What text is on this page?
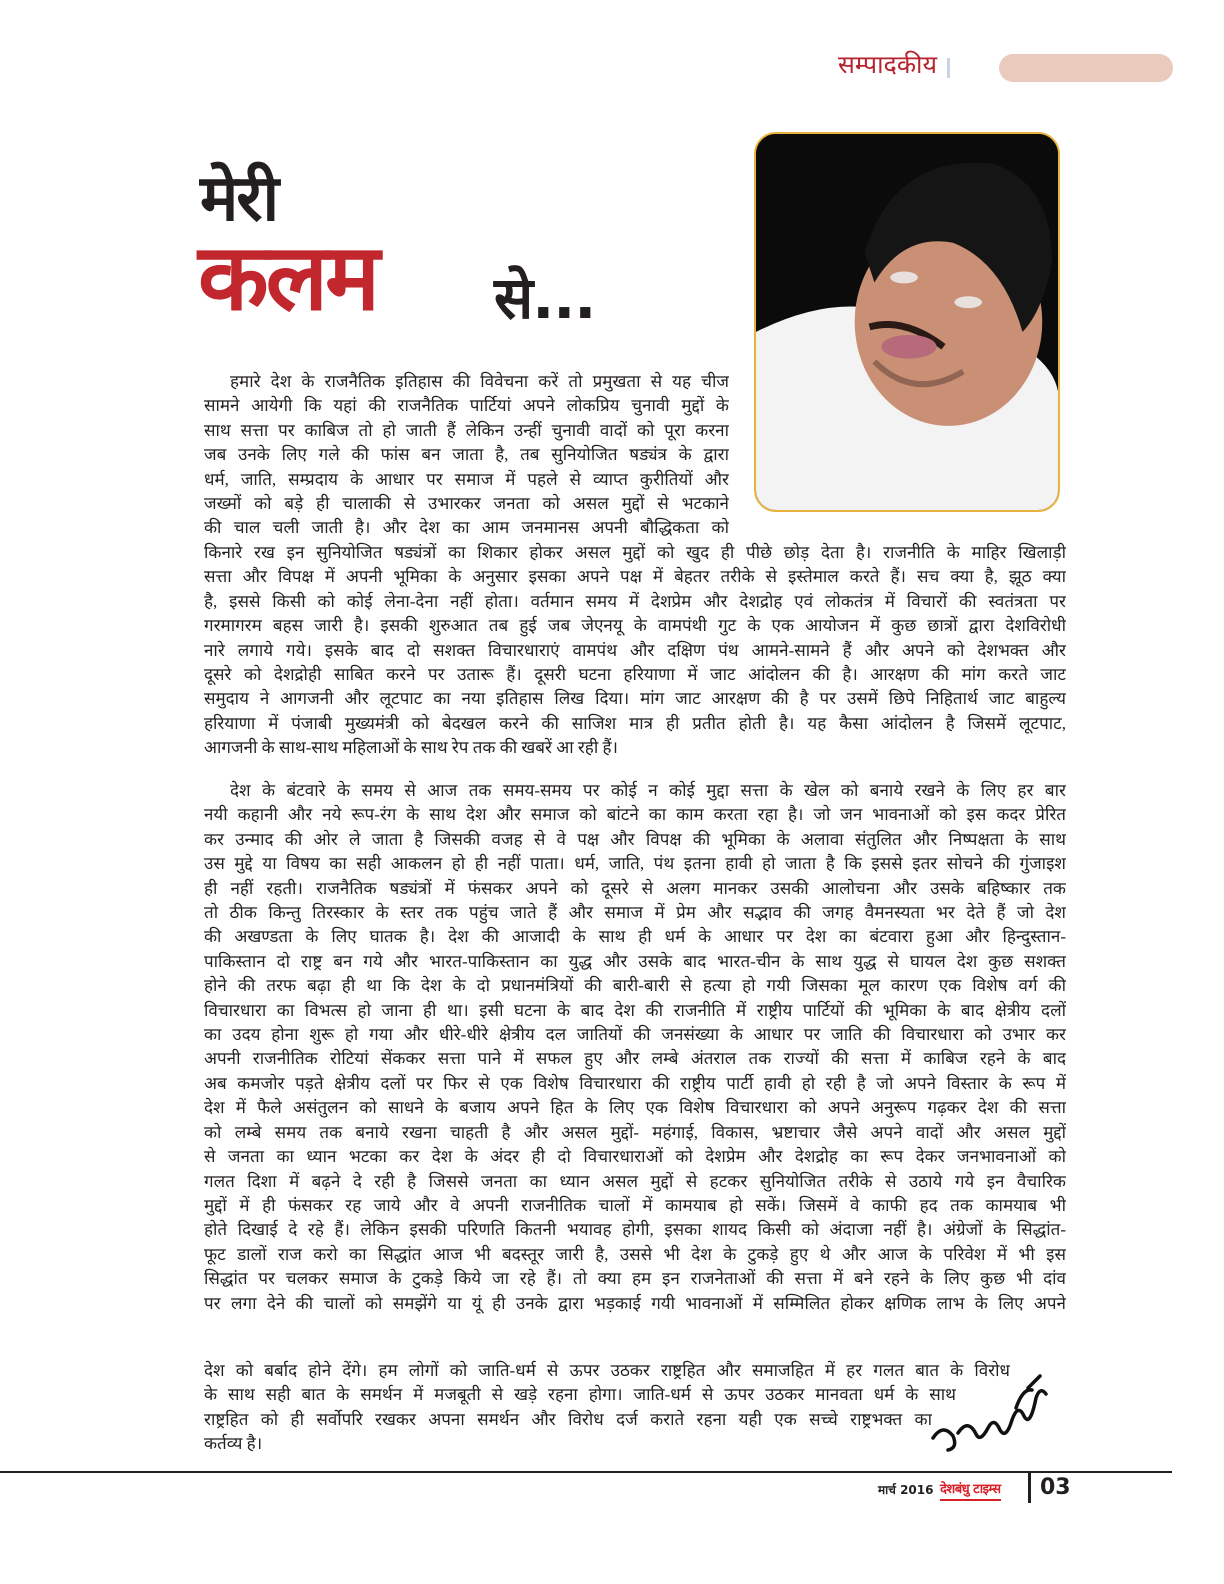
सम्पादकीय
मेरी
कलम से...
हमारे देश के राजनैतिक इतिहास की विवेचना करें तो प्रमुखता से यह चीज
सामने आयेगी कि यहां की राजनैतिक पार्टियां अपने लोकप्रिय चुनावी मुद्दों के
साथ सत्ता पर काबिज तो हो जाती हैं लेकिन उन्हीं चुनावी वादों को पूरा करना
जब उनके लिए गले की फांस बन जाता है, तब सुनियोजित षड्यंत्र के द्वारा
धर्म, जाति, सम्प्रदाय के आधार पर समाज में पहले से व्याप्त कुरीतियों और
जख्मों को बड़े ही चालाकी से उभारकर जनता को असल मुद्दों से भटकाने
की चाल चली जाती है। और देश का आम जनमानस अपनी बौद्धिकता को
किनारे रख इन सुनियोजित षड्यंत्रों का शिकार होकर असल मुद्दों को खुद ही पीछे छोड़ देता है। राजनीति के माहिर खिलाड़ी
सत्ता और विपक्ष में अपनी भूमिका के अनुसार इसका अपने पक्ष में बेहतर तरीके से इस्तेमाल करते हैं। सच क्या है, झूठ क्या
है, इससे किसी को कोई लेना-देना नहीं होता। वर्तमान समय में देशप्रेम और देशद्रोह एवं लोकतंत्र में विचारों की स्वतंत्रता पर
गरमागरम बहस जारी है। इसकी शुरुआत तब हुई जब जेएनयू के वामपंथी गुट के एक आयोजन में कुछ छात्रों द्वारा देशविरोधी
नारे लगाये गये। इसके बाद दो सशक्त विचारधाराएं वामपंथ और दक्षिण पंथ आमने-सामने हैं और अपने को देशभक्त और
दूसरे को देशद्रोही साबित करने पर उतारू हैं। दूसरी घटना हरियाणा में जाट आंदोलन की है। आरक्षण की मांग करते जाट
समुदाय ने आगजनी और लूटपाट का नया इतिहास लिख दिया। मांग जाट आरक्षण की है पर उसमें छिपे निहितार्थ जाट बाहुल्य
हरियाणा में पंजाबी मुख्यमंत्री को बेदखल करने की साजिश मात्र ही प्रतीत होती है। यह कैसा आंदोलन है जिसमें लूटपाट,
आगजनी के साथ-साथ महिलाओं के साथ रेप तक की खबरें आ रही हैं।
देश के बंटवारे के समय से आज तक समय-समय पर कोई न कोई मुद्दा सत्ता के खेल को बनाये रखने के लिए हर बार
नयी कहानी और नये रूप-रंग के साथ देश और समाज को बांटने का काम करता रहा है। जो जन भावनाओं को इस कदर प्रेरित
कर उन्माद की ओर ले जाता है जिसकी वजह से वे पक्ष और विपक्ष की भूमिका के अलावा संतुलित और निष्पक्षता के साथ
उस मुद्दे या विषय का सही आकलन हो ही नहीं पाता। धर्म, जाति, पंथ इतना हावी हो जाता है कि इससे इतर सोचने की गुंजाइश
ही नहीं रहती। राजनैतिक षड्यंत्रों में फंसकर अपने को दूसरे से अलग मानकर उसकी आलोचना और उसके बहिष्कार तक
तो ठीक किन्तु तिरस्कार के स्तर तक पहुंच जाते हैं और समाज में प्रेम और सद्भाव की जगह वैमनस्यता भर देते हैं जो देश
की अखण्डता के लिए घातक है। देश की आजादी के साथ ही धर्म के आधार पर देश का बंटवारा हुआ और हिन्दुस्तान-
पाकिस्तान दो राष्ट्र बन गये और भारत-पाकिस्तान का युद्ध और उसके बाद भारत-चीन के साथ युद्ध से घायल देश कुछ सशक्त
होने की तरफ बढ़ा ही था कि देश के दो प्रधानमंत्रियों की बारी-बारी से हत्या हो गयी जिसका मूल कारण एक विशेष वर्ग की
विचारधारा का विभत्स हो जाना ही था। इसी घटना के बाद देश की राजनीति में राष्ट्रीय पार्टियों की भूमिका के बाद क्षेत्रीय दलों
का उदय होना शुरू हो गया और धीरे-धीरे क्षेत्रीय दल जातियों की जनसंख्या के आधार पर जाति की विचारधारा को उभार कर
अपनी राजनीतिक रोटियां सेंककर सत्ता पाने में सफल हुए और लम्बे अंतराल तक राज्यों की सत्ता में काबिज रहने के बाद
अब कमजोर पड़ते क्षेत्रीय दलों पर फिर से एक विशेष विचारधारा की राष्ट्रीय पार्टी हावी हो रही है जो अपने विस्तार के रूप में
देश में फैले असंतुलन को साधने के बजाय अपने हित के लिए एक विशेष विचारधारा को अपने अनुरूप गढ़कर देश की सत्ता
को लम्बे समय तक बनाये रखना चाहती है और असल मुद्दों- महंगाई, विकास, भ्रष्टाचार जैसे अपने वादों और असल मुद्दों
से जनता का ध्यान भटका कर देश के अंदर ही दो विचारधाराओं को देशप्रेम और देशद्रोह का रूप देकर जनभावनाओं को
गलत दिशा में बढ़ने दे रही है जिससे जनता का ध्यान असल मुद्दों से हटकर सुनियोजित तरीके से उठाये गये इन वैचारिक
मुद्दों में ही फंसकर रह जाये और वे अपनी राजनीतिक चालों में कामयाब हो सकें। जिसमें वे काफी हद तक कामयाब भी
होते दिखाई दे रहे हैं। लेकिन इसकी परिणति कितनी भयावह होगी, इसका शायद किसी को अंदाजा नहीं है। अंग्रेजों के सिद्धांत-
फूट डालों राज करो का सिद्धांत आज भी बदस्तूर जारी है, उससे भी देश के टुकड़े हुए थे और आज के परिवेश में भी इस
सिद्धांत पर चलकर समाज के टुकड़े किये जा रहे हैं। तो क्या हम इन राजनेताओं की सत्ता में बने रहने के लिए कुछ भी दांव
पर लगा देने की चालों को समझेंगे या यूं ही उनके द्वारा भड़काई गयी भावनाओं में सम्मिलित होकर क्षणिक लाभ के लिए अपने
देश को बर्बाद होने देंगे। हम लोगों को जाति-धर्म से ऊपर उठकर राष्ट्रहित और समाजहित में हर गलत बात के विरोध
के साथ सही बात के समर्थन में मजबूती से खड़े रहना होगा। जाति-धर्म से ऊपर उठकर मानवता धर्म के साथ
राष्ट्रहित को ही सर्वोपरि रखकर अपना समर्थन और विरोध दर्ज कराते रहना यही एक सच्चे राष्ट्रभक्त का
कर्तव्य है।
मार्च 2016 देशबंधु टाइम्स 03
